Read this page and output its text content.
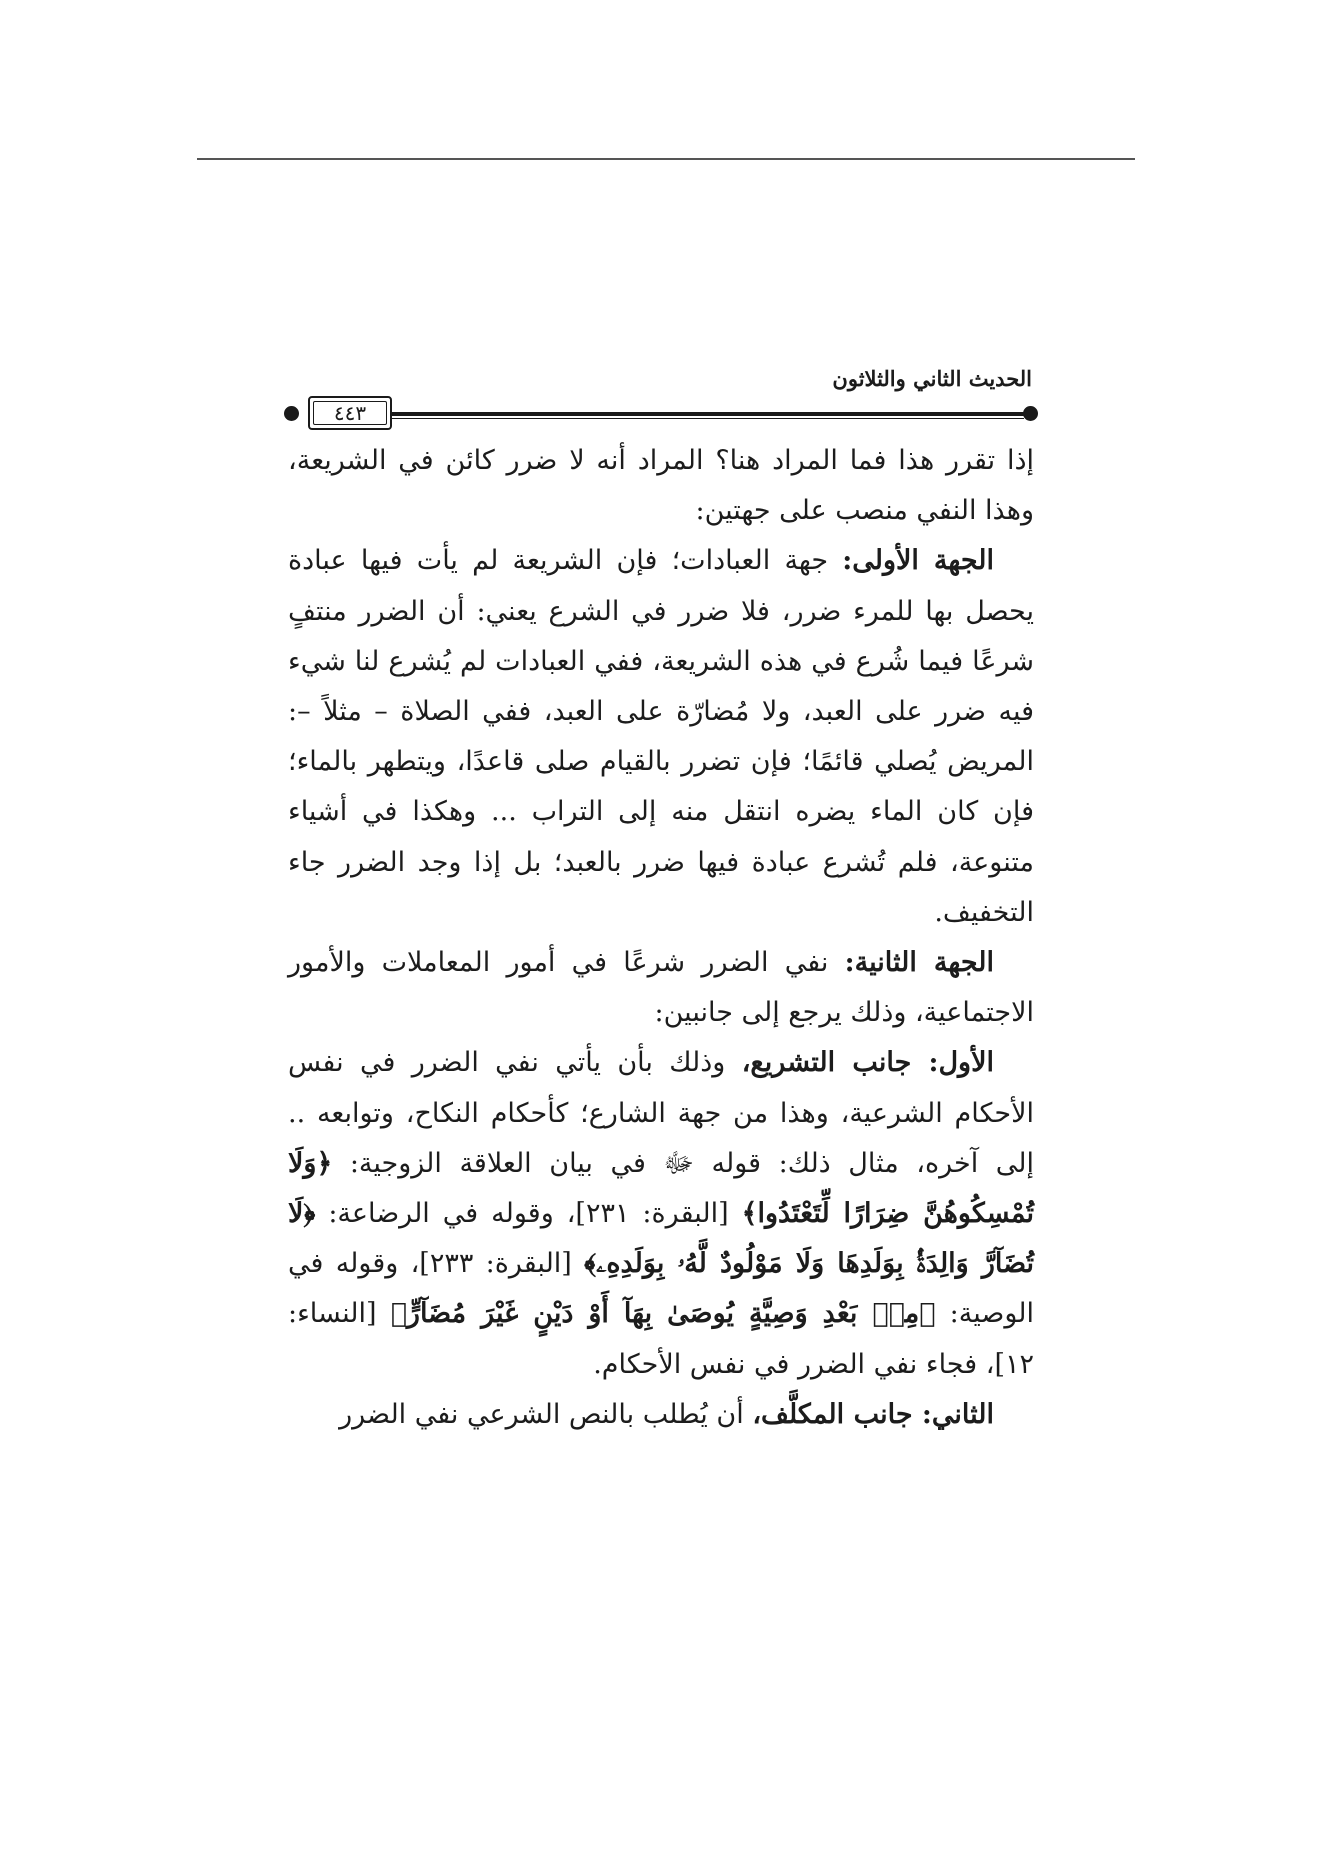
الحديث الثاني والثلاثون
٤٤٣

إذا تقرر هذا فما المراد هنا؟ المراد أنه لا ضرر كائن في الشريعة، وهذا النفي منصب على جهتين:

الجهة الأولى: جهة العبادات؛ فإن الشريعة لم يأت فيها عبادة يحصل بها للمرء ضرر، فلا ضرر في الشرع يعني: أن الضرر منتفٍ شرعًا فيما شُرع في هذه الشريعة، ففي العبادات لم يُشرع لنا شيء فيه ضرر على العبد، ولا مُضارّة على العبد، ففي الصلاة – مثلاً –: المريض يُصلي قائمًا؛ فإن تضرر بالقيام صلى قاعدًا، ويتطهر بالماء؛ فإن كان الماء يضره انتقل منه إلى التراب ... وهكذا في أشياء متنوعة، فلم تُشرع عبادة فيها ضرر بالعبد؛ بل إذا وجد الضرر جاء التخفيف.

الجهة الثانية: نفي الضرر شرعًا في أمور المعاملات والأمور الاجتماعية، وذلك يرجع إلى جانبين:

الأول: جانب التشريع، وذلك بأن يأتي نفي الضرر في نفس الأحكام الشرعية، وهذا من جهة الشارع؛ كأحكام النكاح، وتوابعه .. إلى آخره، مثال ذلك: قوله ﷻ في بيان العلاقة الزوجية: ﴿وَلَا تُمْسِكُوهُنَّ ضِرَارًا لِّتَعْتَدُوا﴾ [البقرة: ٢٣١]، وقوله في الرضاعة: ﴿لَا تُضَآرَّ وَالِدَةُۢ بِوَلَدِهَا وَلَا مَوْلُودٌ لَّهُۥ بِوَلَدِهِۦ﴾ [البقرة: ٢٣٣]، وقوله في الوصية: ﴿مِنۢ بَعْدِ وَصِيَّةٍ يُوصَىٰ بِهَآ أَوْ دَيْنٍ غَيْرَ مُضَآرٍّ﴾ [النساء: ١٢]، فجاء نفي الضرر في نفس الأحكام.

الثاني: جانب المكلَّف، أن يُطلب بالنص الشرعي نفي الضرر
